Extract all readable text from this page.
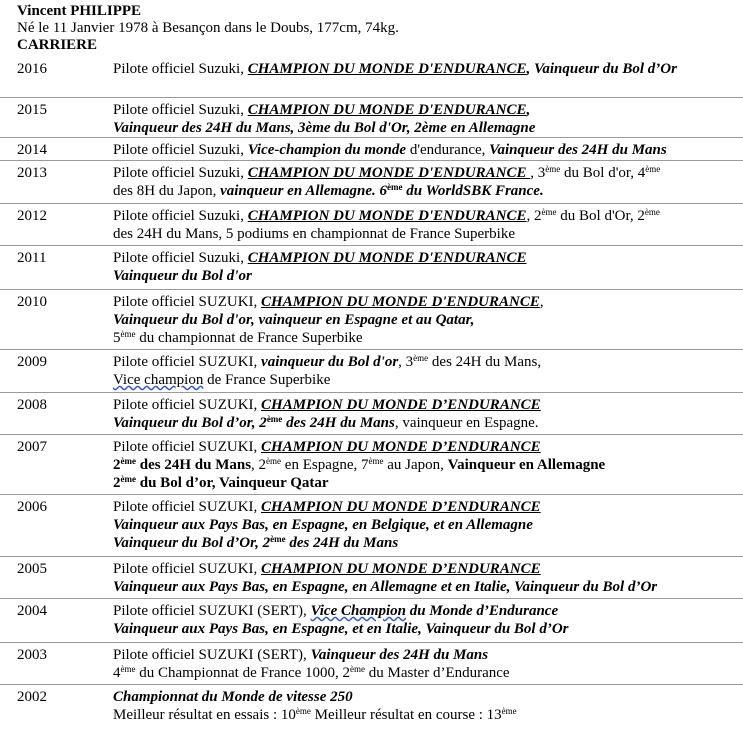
Vincent PHILIPPE
Né le 11 Janvier 1978 à Besançon dans le Doubs, 177cm, 74kg.
CARRIERE
2016	Pilote officiel Suzuki, CHAMPION DU MONDE D'ENDURANCE, Vainqueur du Bol d’Or
2015	Pilote officiel Suzuki, CHAMPION DU MONDE D'ENDURANCE,
Vainqueur des 24H du Mans, 3ème du Bol d'Or, 2ème en Allemagne
2014	Pilote officiel Suzuki, Vice-champion du monde d'endurance, Vainqueur des 24H du Mans
2013	Pilote officiel Suzuki, CHAMPION DU MONDE D'ENDURANCE , 3ème du Bol d'or, 4ème
des 8H du Japon, vainqueur en Allemagne. 6ème du WorldSBK France.
2012	Pilote officiel Suzuki, CHAMPION DU MONDE D'ENDURANCE, 2ème du Bol d'Or, 2ème
des 24H du Mans, 5 podiums en championnat de France Superbike
2011	Pilote officiel Suzuki, CHAMPION DU MONDE D'ENDURANCE
Vainqueur du Bol d'or
2010	Pilote officiel SUZUKI, CHAMPION DU MONDE D'ENDURANCE,
Vainqueur du Bol d'or, vainqueur en Espagne et au Qatar,
5ème du championnat de France Superbike
2009	Pilote officiel SUZUKI, vainqueur du Bol d'or, 3ème des 24H du Mans,
Vice champion de France Superbike
2008	Pilote officiel SUZUKI, CHAMPION DU MONDE D’ENDURANCE
Vainqueur du Bol d’or, 2ème des 24H du Mans, vainqueur en Espagne.
2007	Pilote officiel SUZUKI, CHAMPION DU MONDE D’ENDURANCE
2ème des 24H du Mans, 2ème en Espagne, 7ème au Japon, Vainqueur en Allemagne
2ème du Bol d’or, Vainqueur Qatar
2006	Pilote officiel SUZUKI, CHAMPION DU MONDE D’ENDURANCE
Vainqueur aux Pays Bas, en Espagne, en Belgique, et en Allemagne
Vainqueur du Bol d’Or, 2ème des 24H du Mans
2005	Pilote officiel SUZUKI, CHAMPION DU MONDE D’ENDURANCE
Vainqueur aux Pays Bas, en Espagne, en Allemagne et en Italie, Vainqueur du Bol d’Or
2004	Pilote officiel SUZUKI (SERT), Vice Champion du Monde d’Endurance
Vainqueur aux Pays Bas, en Espagne, et en Italie, Vainqueur du Bol d’Or
2003	Pilote officiel SUZUKI (SERT), Vainqueur des 24H du Mans
4ème du Championnat de France 1000, 2ème du Master d’Endurance
2002	Championnat du Monde de vitesse 250
Meilleur résultat en essais : 10ème Meilleur résultat en course : 13ème
